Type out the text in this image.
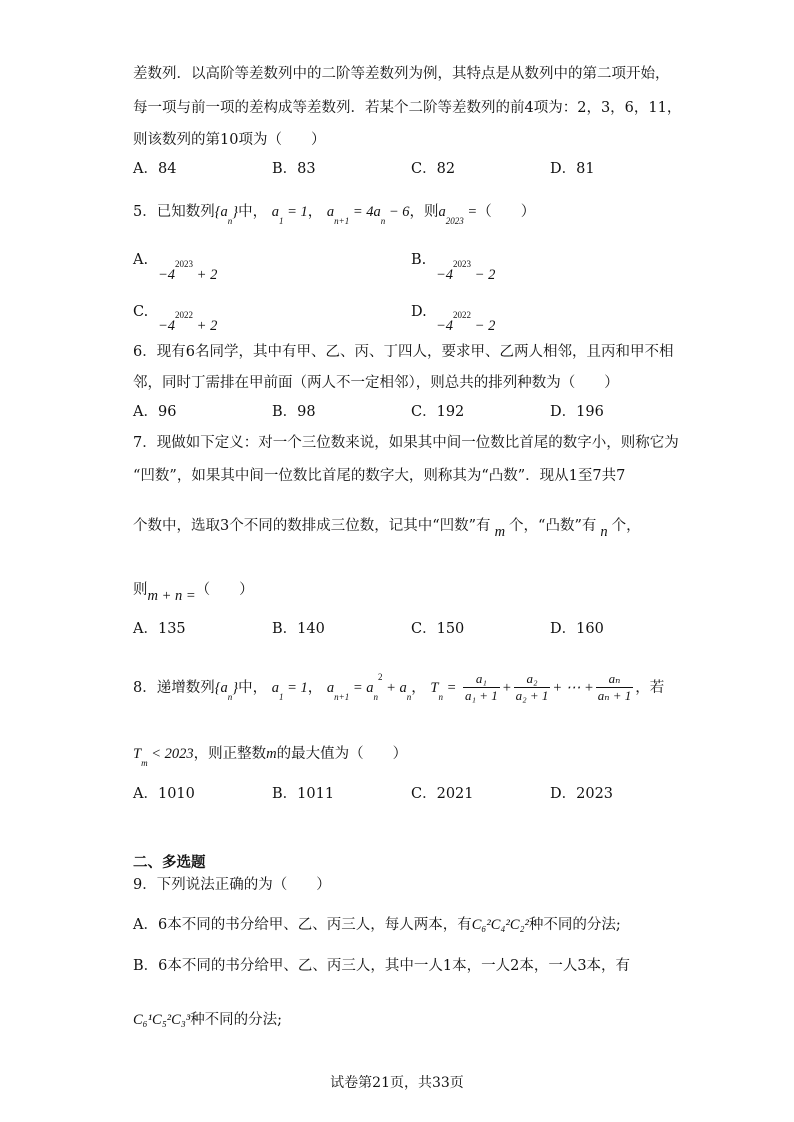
差数列．以高阶等差数列中的二阶等差数列为例，其特点是从数列中的第二项开始，
每一项与前一项的差构成等差数列．若某个二阶等差数列的前4项为：2，3，6，11，
则该数列的第10项为（　　）
A．84	B．83	C．82	D．81
5．已知数列$\{a_n\}$中， $a_1 = 1$， $a_{n+1} = 4a_n - 6$，则$a_{2023}$ =（　　）
A.
$-4^{2023} + 2$
B.
$-4^{2023} - 2$
C.
$-4^{2022} + 2$
D.
$-4^{2022} - 2$
6．现有6名同学，其中有甲、乙、丙、丁四人，要求甲、乙两人相邻，且丙和甲不相
邻，同时丁需排在甲前面（两人不一定相邻），则总共的排列种数为（　　）
A．96	B．98	C．192	D．196
7．现做如下定义：对一个三位数来说，如果其中间一位数比首尾的数字小，则称它为
“凹数”，如果其中间一位数比首尾的数字大，则称其为“凸数”．现从1至7共7
个数中，选取3个不同的数排成三位数，记其中“凹数”有 m 个，“凸数”有 n 个，
则m + n =（　　）
A．135	B．140	C．150	D．160
8．递增数列$\{a_n\}$中， $a_1 = 1$， $a_{n+1} = a_n^2 + a_n$， $T_n = \frac{\text{a₁}}{\text{a₁ + 1}} + \frac{\text{a₂}}{\text{a₂ + 1}}$ + ⋯ + $\frac{\text{aₙ}}{\text{aₙ + 1}}$ ，若
$T_m < 2023$，则正整数m的最大值为（　　）
A．1010	B．1011	C．2021	D．2023
二、多选题
9．下列说法正确的为（　　）
A．6本不同的书分给甲、乙、丙三人，每人两本，有C₆²C₄²C₂²种不同的分法;
B．6本不同的书分给甲、乙、丙三人，其中一人1本，一人2本，一人3本，有
C₆¹C₅²C₃³种不同的分法;
试卷第21页，共33页
